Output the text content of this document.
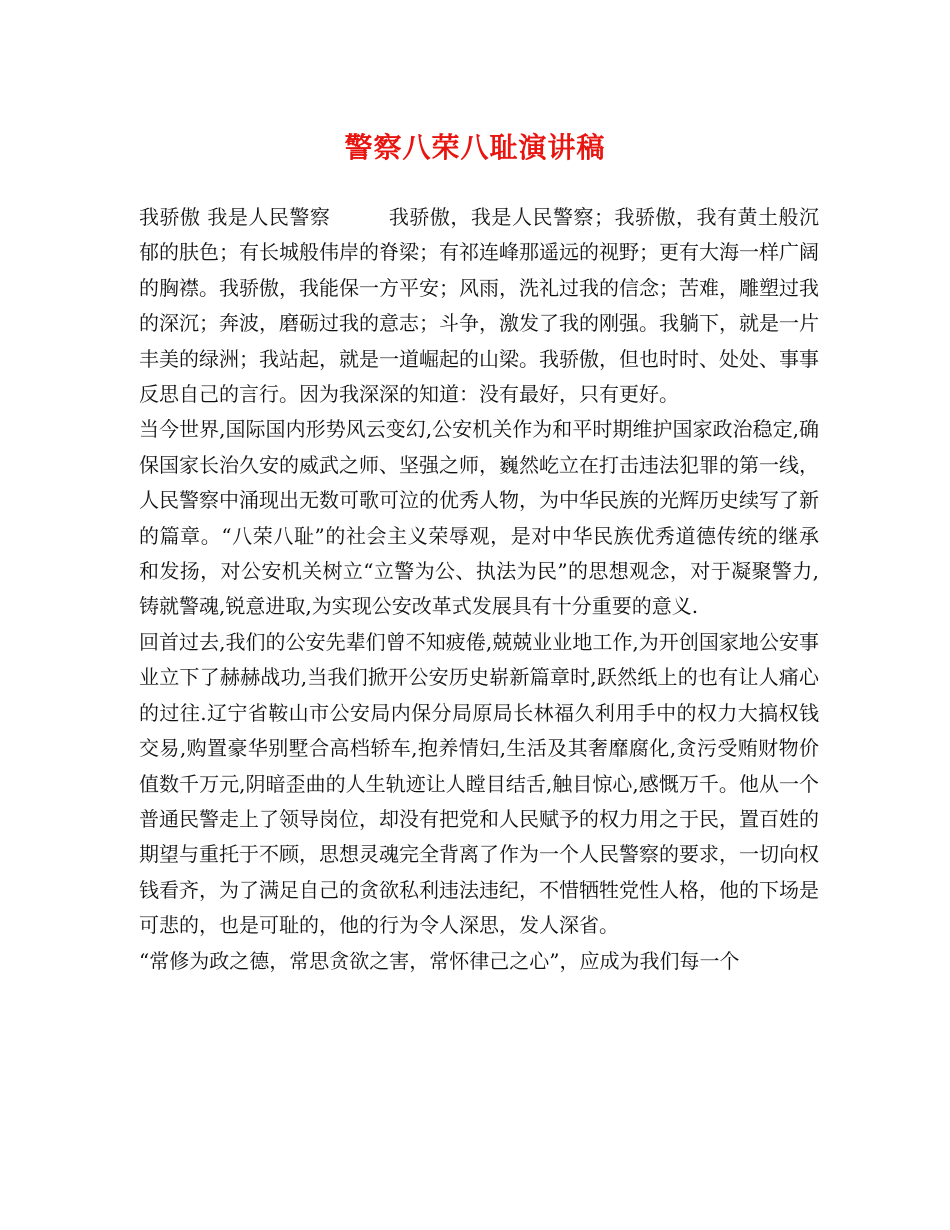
警察八荣八耻演讲稿

我骄傲 我是人民警察	我骄傲，我是人民警察；我骄傲，我有黄土般沉郁的肤色；有长城般伟岸的脊梁；有祁连峰那遥远的视野；更有大海一样广阔的胸襟。我骄傲，我能保一方平安；风雨，洗礼过我的信念；苦难，雕塑过我的深沉；奔波，磨砺过我的意志；斗争，激发了我的刚强。我躺下，就是一片丰美的绿洲；我站起，就是一道崛起的山梁。我骄傲，但也时时、处处、事事反思自己的言行。因为我深深的知道：没有最好，只有更好。

当今世界,国际国内形势风云变幻,公安机关作为和平时期维护国家政治稳定,确保国家长治久安的威武之师、坚强之师，巍然屹立在打击违法犯罪的第一线，人民警察中涌现出无数可歌可泣的优秀人物，为中华民族的光辉历史续写了新的篇章。“八荣八耻”的社会主义荣辱观，是对中华民族优秀道德传统的继承和发扬，对公安机关树立“立警为公、执法为民”的思想观念，对于凝聚警力,铸就警魂,锐意进取,为实现公安改革式发展具有十分重要的意义.

回首过去,我们的公安先辈们曾不知疲倦,兢兢业业地工作,为开创国家地公安事业立下了赫赫战功,当我们掀开公安历史崭新篇章时,跃然纸上的也有让人痛心的过往.辽宁省鞍山市公安局内保分局原局长林福久利用手中的权力大搞权钱交易,购置豪华别墅合高档轿车,抱养情妇,生活及其奢靡腐化,贪污受贿财物价值数千万元,阴暗歪曲的人生轨迹让人瞠目结舌,触目惊心,感慨万千。他从一个普通民警走上了领导岗位，却没有把党和人民赋予的权力用之于民，置百姓的期望与重托于不顾，思想灵魂完全背离了作为一个人民警察的要求，一切向权钱看齐，为了满足自己的贪欲私利违法违纪，不惜牺牲党性人格，他的下场是可悲的，也是可耻的，他的行为令人深思，发人深省。

“常修为政之德，常思贪欲之害，常怀律己之心”，应成为我们每一个
